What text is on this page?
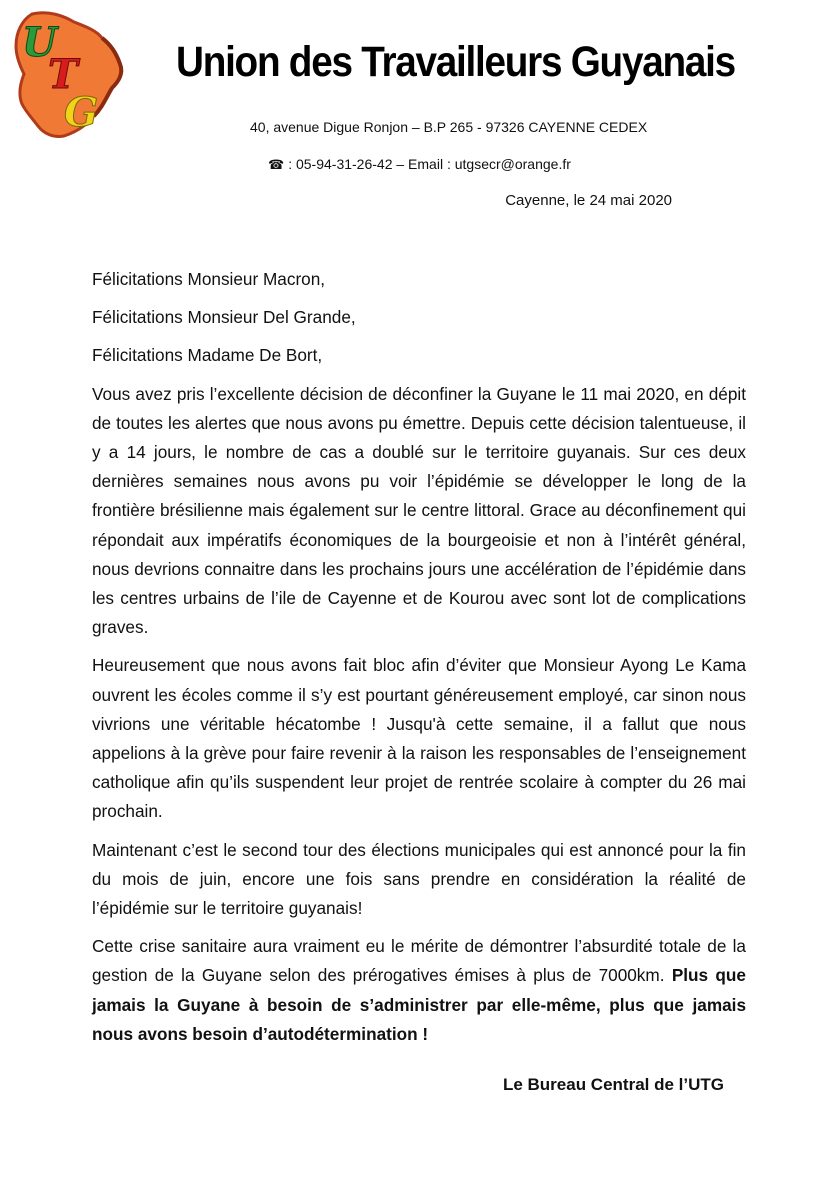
U
T
G
Union des Travailleurs Guyanais
40, avenue Digue Ronjon – B.P 265 - 97326 CAYENNE CEDEX
☎ : 05-94-31-26-42 – Email : utgsecr@orange.fr
Cayenne, le 24 mai 2020

Félicitations Monsieur Macron,

Félicitations Monsieur Del Grande,

Félicitations Madame De Bort,

Vous avez pris l’excellente décision de déconfiner la Guyane le 11 mai 2020, en dépit de toutes les alertes que nous avons pu émettre. Depuis cette décision talentueuse, il y a 14 jours, le nombre de cas a doublé sur le territoire guyanais. Sur ces deux dernières semaines nous avons pu voir l’épidémie se développer le long de la frontière brésilienne mais également sur le centre littoral. Grace au déconfinement qui répondait aux impératifs économiques de la bourgeoisie et non à l’intérêt général, nous devrions connaitre dans les prochains jours une accélération de l’épidémie dans les centres urbains de l’ile de Cayenne et de Kourou avec sont lot de complications graves.

Heureusement que nous avons fait bloc afin d’éviter que Monsieur Ayong Le Kama ouvrent les écoles comme il s’y est pourtant généreusement employé, car sinon nous vivrions une véritable hécatombe ! Jusqu'à cette semaine, il a fallut que nous appelions à la grève pour faire revenir à la raison les responsables de l’enseignement catholique afin qu’ils suspendent leur projet de rentrée scolaire à compter du 26 mai prochain.

Maintenant c’est le second tour des élections municipales qui est annoncé pour la fin du mois de juin, encore une fois sans prendre en considération la réalité de l’épidémie sur le territoire guyanais!

Cette crise sanitaire aura vraiment eu le mérite de démontrer l’absurdité totale de la gestion de la Guyane selon des prérogatives émises à plus de 7000km. Plus que jamais la Guyane à besoin de s’administrer par elle-même, plus que jamais nous avons besoin d’autodétermination !

Le Bureau Central de l’UTG
